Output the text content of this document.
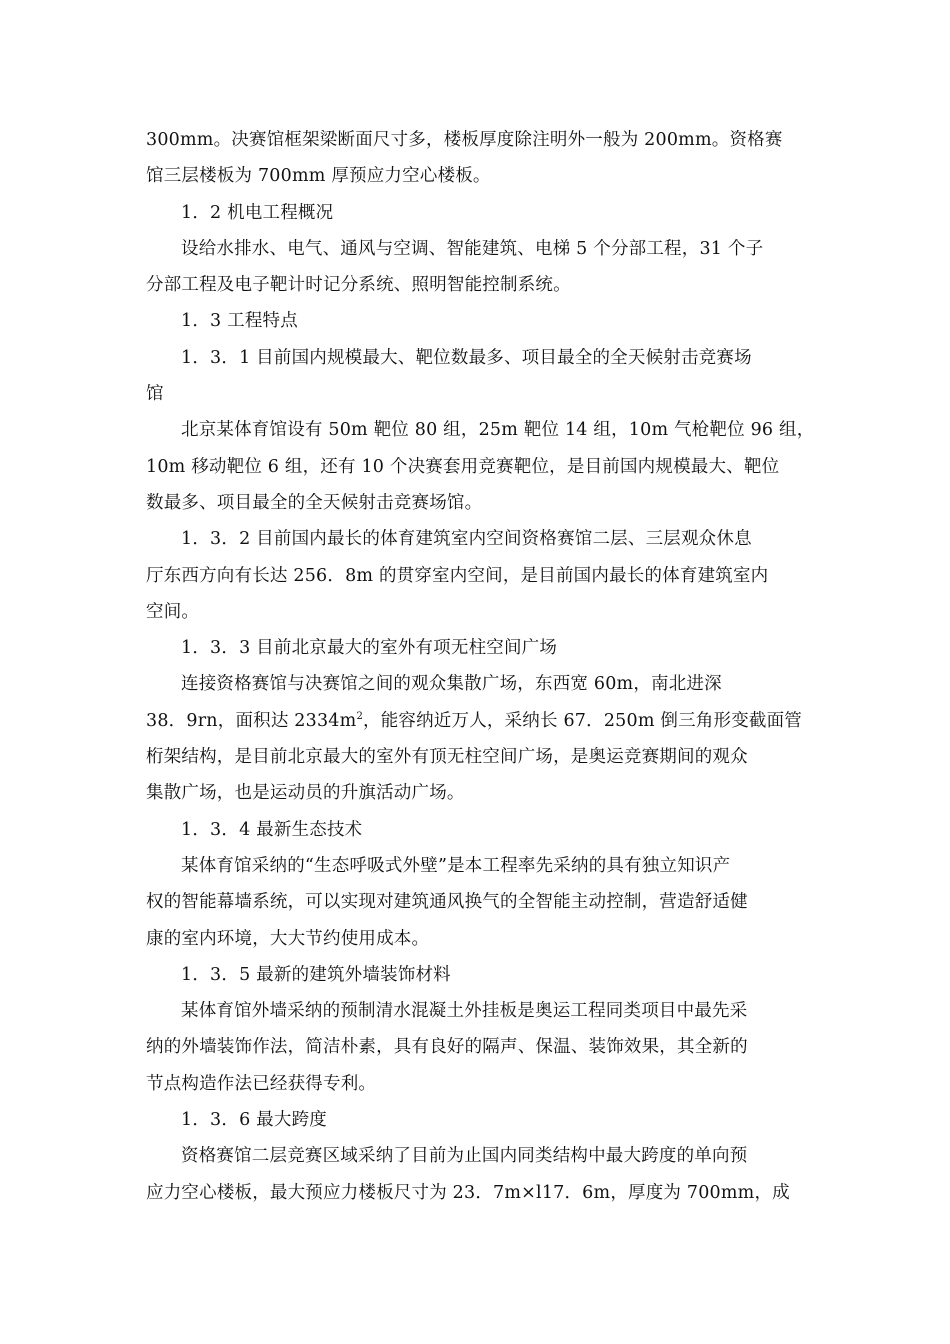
300mm。决赛馆框架梁断面尺寸多，楼板厚度除注明外一般为 200mm。资格赛
馆三层楼板为 700mm 厚预应力空心楼板。
1．2 机电工程概况
设给水排水、电气、通风与空调、智能建筑、电梯 5 个分部工程，31 个子
分部工程及电子靶计时记分系统、照明智能控制系统。
1．3 工程特点
1．3．1 目前国内规模最大、靶位数最多、项目最全的全天候射击竞赛场
馆
北京某体育馆设有 50m 靶位 80 组，25m 靶位 14 组，10m 气枪靶位 96 组，
10m 移动靶位 6 组，还有 10 个决赛套用竞赛靶位，是目前国内规模最大、靶位
数最多、项目最全的全天候射击竞赛场馆。
1．3．2 目前国内最长的体育建筑室内空间资格赛馆二层、三层观众休息
厅东西方向有长达 256．8m 的贯穿室内空间，是目前国内最长的体育建筑室内
空间。
1．3．3 目前北京最大的室外有项无柱空间广场
连接资格赛馆与决赛馆之间的观众集散广场，东西宽 60m，南北进深
38．9rn，面积达 $2334m^2$，能容纳近万人，采纳长 67．250m 倒三角形变截面管
桁架结构，是目前北京最大的室外有顶无柱空间广场，是奥运竞赛期间的观众
集散广场，也是运动员的升旗活动广场。
1．3．4 最新生态技术
某体育馆采纳的“生态呼吸式外壁”是本工程率先采纳的具有独立知识产
权的智能幕墙系统，可以实现对建筑通风换气的全智能主动控制，营造舒适健
康的室内环境，大大节约使用成本。
1．3．5 最新的建筑外墙装饰材料
某体育馆外墙采纳的预制清水混凝土外挂板是奥运工程同类项目中最先采
纳的外墙装饰作法，简洁朴素，具有良好的隔声、保温、装饰效果，其全新的
节点构造作法已经获得专利。
1．3．6 最大跨度
资格赛馆二层竞赛区域采纳了目前为止国内同类结构中最大跨度的单向预
应力空心楼板，最大预应力楼板尺寸为 23．7m×l17．6m，厚度为 700mm，成
